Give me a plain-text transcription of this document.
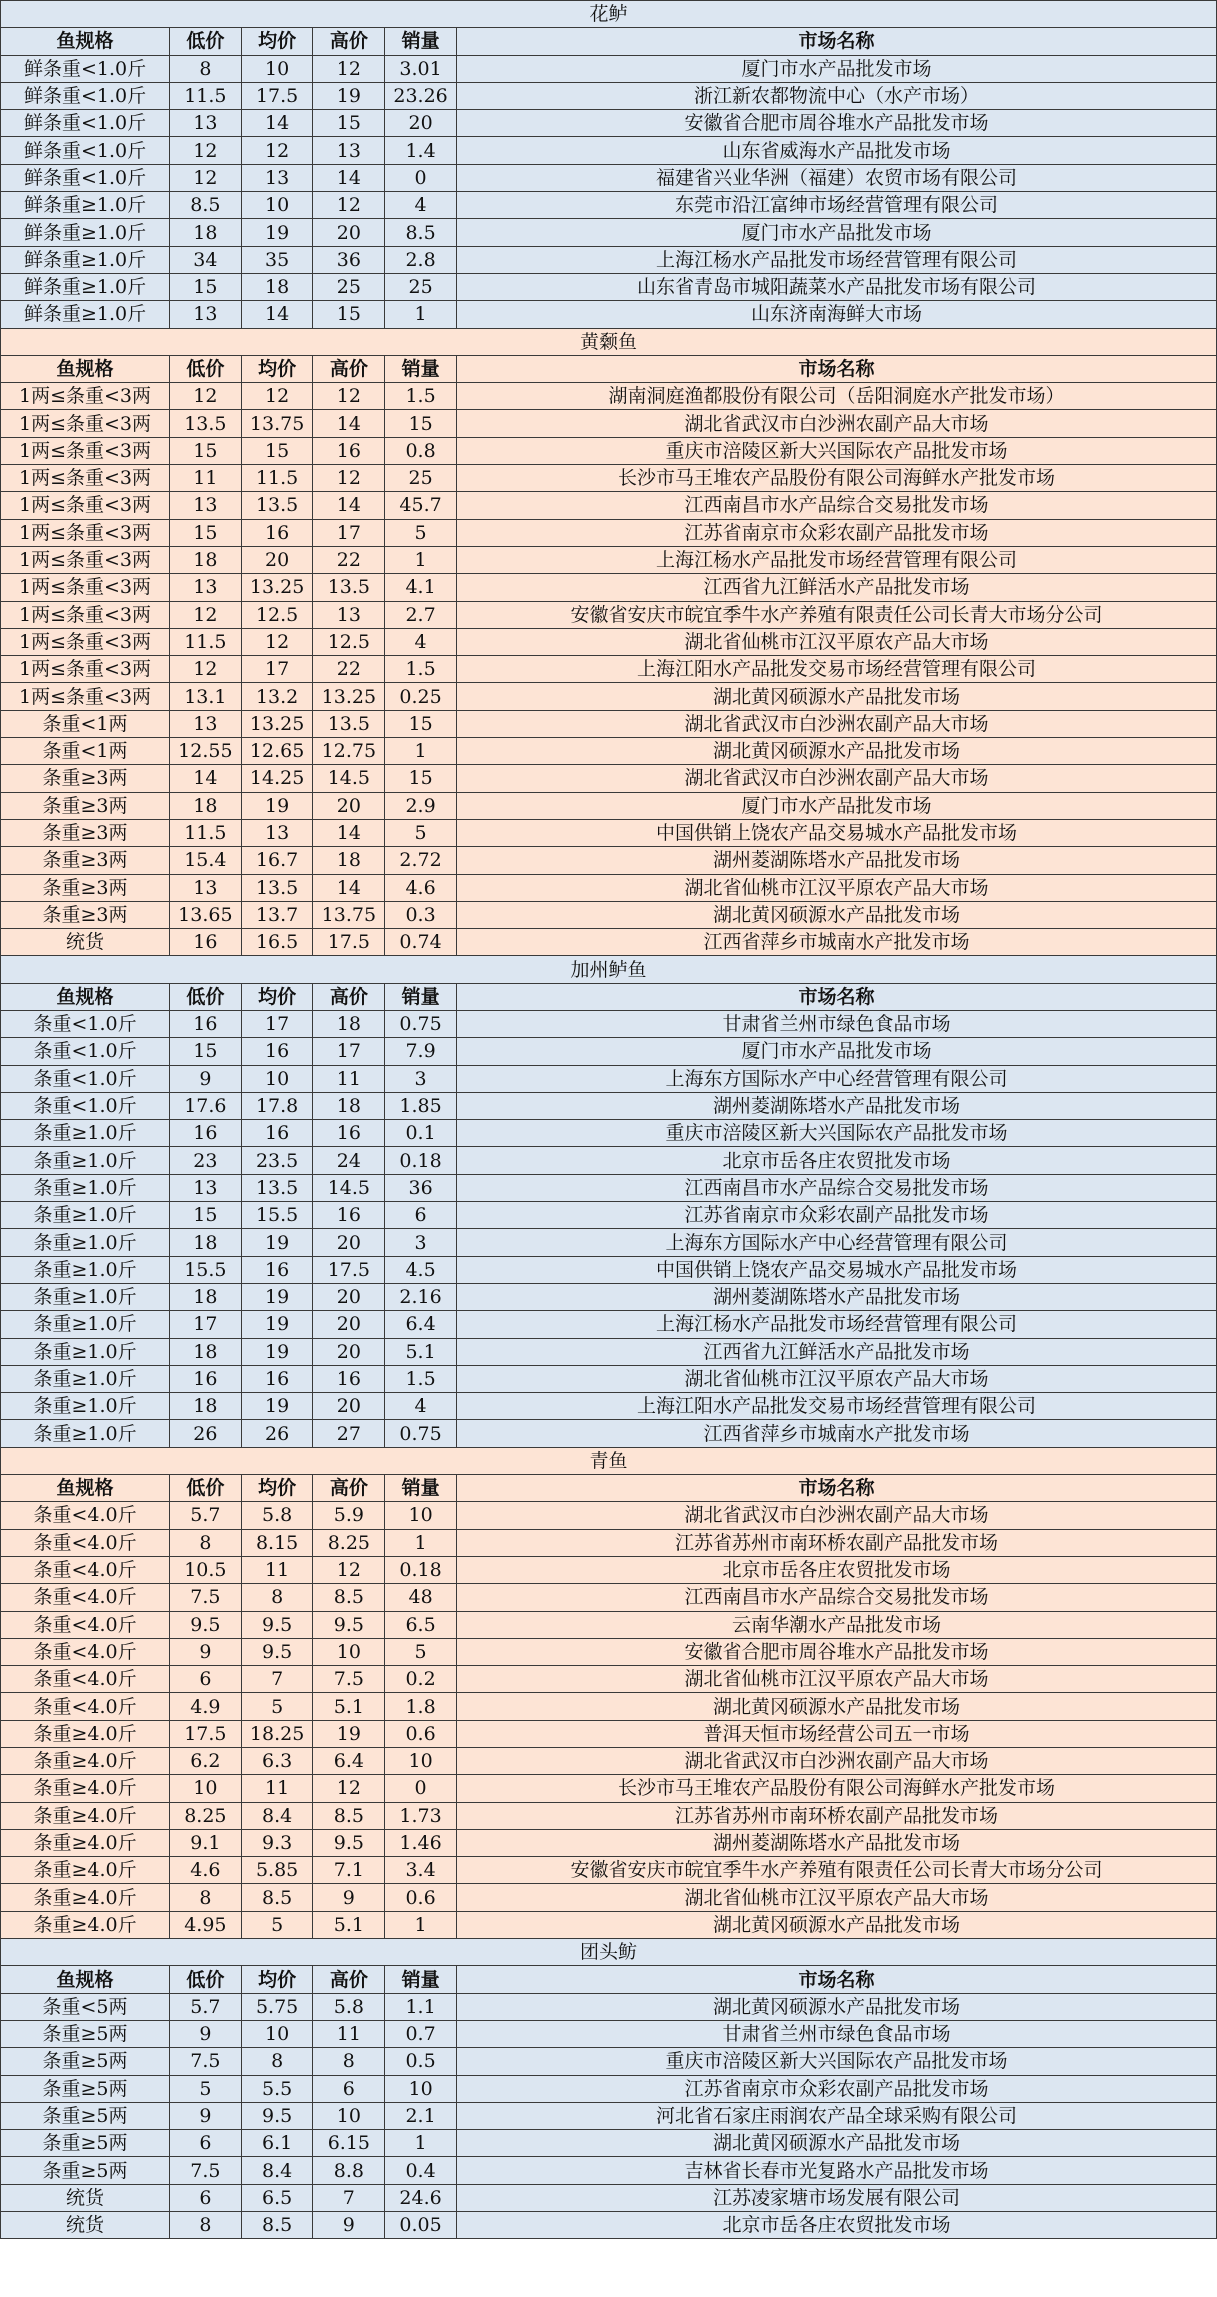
花鲈					
鱼规格	低价	均价	高价	销量	市场名称
鲜条重<1.0斤	8	10	12	3.01	厦门市水产品批发市场
鲜条重<1.0斤	11.5	17.5	19	23.26	浙江新农都物流中心（水产市场）
鲜条重<1.0斤	13	14	15	20	安徽省合肥市周谷堆水产品批发市场
鲜条重<1.0斤	12	12	13	1.4	山东省威海水产品批发市场
鲜条重<1.0斤	12	13	14	0	福建省兴业华洲（福建）农贸市场有限公司
鲜条重≥1.0斤	8.5	10	12	4	东莞市沿江富绅市场经营管理有限公司
鲜条重≥1.0斤	18	19	20	8.5	厦门市水产品批发市场
鲜条重≥1.0斤	34	35	36	2.8	上海江杨水产品批发市场经营管理有限公司
鲜条重≥1.0斤	15	18	25	25	山东省青岛市城阳蔬菜水产品批发市场有限公司
鲜条重≥1.0斤	13	14	15	1	山东济南海鲜大市场
黄颡鱼					
鱼规格	低价	均价	高价	销量	市场名称
1两≤条重<3两	12	12	12	1.5	湖南洞庭渔都股份有限公司（岳阳洞庭水产批发市场）
1两≤条重<3两	13.5	13.75	14	15	湖北省武汉市白沙洲农副产品大市场
1两≤条重<3两	15	15	16	0.8	重庆市涪陵区新大兴国际农产品批发市场
1两≤条重<3两	11	11.5	12	25	长沙市马王堆农产品股份有限公司海鲜水产批发市场
1两≤条重<3两	13	13.5	14	45.7	江西南昌市水产品综合交易批发市场
1两≤条重<3两	15	16	17	5	江苏省南京市众彩农副产品批发市场
1两≤条重<3两	18	20	22	1	上海江杨水产品批发市场经营管理有限公司
1两≤条重<3两	13	13.25	13.5	4.1	江西省九江鲜活水产品批发市场
1两≤条重<3两	12	12.5	13	2.7	安徽省安庆市皖宜季牛水产养殖有限责任公司长青大市场分公司
1两≤条重<3两	11.5	12	12.5	4	湖北省仙桃市江汉平原农产品大市场
1两≤条重<3两	12	17	22	1.5	上海江阳水产品批发交易市场经营管理有限公司
1两≤条重<3两	13.1	13.2	13.25	0.25	湖北黄冈硕源水产品批发市场
条重<1两	13	13.25	13.5	15	湖北省武汉市白沙洲农副产品大市场
条重<1两	12.55	12.65	12.75	1	湖北黄冈硕源水产品批发市场
条重≥3两	14	14.25	14.5	15	湖北省武汉市白沙洲农副产品大市场
条重≥3两	18	19	20	2.9	厦门市水产品批发市场
条重≥3两	11.5	13	14	5	中国供销上饶农产品交易城水产品批发市场
条重≥3两	15.4	16.7	18	2.72	湖州菱湖陈塔水产品批发市场
条重≥3两	13	13.5	14	4.6	湖北省仙桃市江汉平原农产品大市场
条重≥3两	13.65	13.7	13.75	0.3	湖北黄冈硕源水产品批发市场
统货	16	16.5	17.5	0.74	江西省萍乡市城南水产批发市场
加州鲈鱼					
鱼规格	低价	均价	高价	销量	市场名称
条重<1.0斤	16	17	18	0.75	甘肃省兰州市绿色食品市场
条重<1.0斤	15	16	17	7.9	厦门市水产品批发市场
条重<1.0斤	9	10	11	3	上海东方国际水产中心经营管理有限公司
条重<1.0斤	17.6	17.8	18	1.85	湖州菱湖陈塔水产品批发市场
条重≥1.0斤	16	16	16	0.1	重庆市涪陵区新大兴国际农产品批发市场
条重≥1.0斤	23	23.5	24	0.18	北京市岳各庄农贸批发市场
条重≥1.0斤	13	13.5	14.5	36	江西南昌市水产品综合交易批发市场
条重≥1.0斤	15	15.5	16	6	江苏省南京市众彩农副产品批发市场
条重≥1.0斤	18	19	20	3	上海东方国际水产中心经营管理有限公司
条重≥1.0斤	15.5	16	17.5	4.5	中国供销上饶农产品交易城水产品批发市场
条重≥1.0斤	18	19	20	2.16	湖州菱湖陈塔水产品批发市场
条重≥1.0斤	17	19	20	6.4	上海江杨水产品批发市场经营管理有限公司
条重≥1.0斤	18	19	20	5.1	江西省九江鲜活水产品批发市场
条重≥1.0斤	16	16	16	1.5	湖北省仙桃市江汉平原农产品大市场
条重≥1.0斤	18	19	20	4	上海江阳水产品批发交易市场经营管理有限公司
条重≥1.0斤	26	26	27	0.75	江西省萍乡市城南水产批发市场
青鱼					
鱼规格	低价	均价	高价	销量	市场名称
条重<4.0斤	5.7	5.8	5.9	10	湖北省武汉市白沙洲农副产品大市场
条重<4.0斤	8	8.15	8.25	1	江苏省苏州市南环桥农副产品批发市场
条重<4.0斤	10.5	11	12	0.18	北京市岳各庄农贸批发市场
条重<4.0斤	7.5	8	8.5	48	江西南昌市水产品综合交易批发市场
条重<4.0斤	9.5	9.5	9.5	6.5	云南华潮水产品批发市场
条重<4.0斤	9	9.5	10	5	安徽省合肥市周谷堆水产品批发市场
条重<4.0斤	6	7	7.5	0.2	湖北省仙桃市江汉平原农产品大市场
条重<4.0斤	4.9	5	5.1	1.8	湖北黄冈硕源水产品批发市场
条重≥4.0斤	17.5	18.25	19	0.6	普洱天恒市场经营公司五一市场
条重≥4.0斤	6.2	6.3	6.4	10	湖北省武汉市白沙洲农副产品大市场
条重≥4.0斤	10	11	12	0	长沙市马王堆农产品股份有限公司海鲜水产批发市场
条重≥4.0斤	8.25	8.4	8.5	1.73	江苏省苏州市南环桥农副产品批发市场
条重≥4.0斤	9.1	9.3	9.5	1.46	湖州菱湖陈塔水产品批发市场
条重≥4.0斤	4.6	5.85	7.1	3.4	安徽省安庆市皖宜季牛水产养殖有限责任公司长青大市场分公司
条重≥4.0斤	8	8.5	9	0.6	湖北省仙桃市江汉平原农产品大市场
条重≥4.0斤	4.95	5	5.1	1	湖北黄冈硕源水产品批发市场
团头鲂					
鱼规格	低价	均价	高价	销量	市场名称
条重<5两	5.7	5.75	5.8	1.1	湖北黄冈硕源水产品批发市场
条重≥5两	9	10	11	0.7	甘肃省兰州市绿色食品市场
条重≥5两	7.5	8	8	0.5	重庆市涪陵区新大兴国际农产品批发市场
条重≥5两	5	5.5	6	10	江苏省南京市众彩农副产品批发市场
条重≥5两	9	9.5	10	2.1	河北省石家庄雨润农产品全球采购有限公司
条重≥5两	6	6.1	6.15	1	湖北黄冈硕源水产品批发市场
条重≥5两	7.5	8.4	8.8	0.4	吉林省长春市光复路水产品批发市场
统货	6	6.5	7	24.6	江苏凌家塘市场发展有限公司
统货	8	8.5	9	0.05	北京市岳各庄农贸批发市场
